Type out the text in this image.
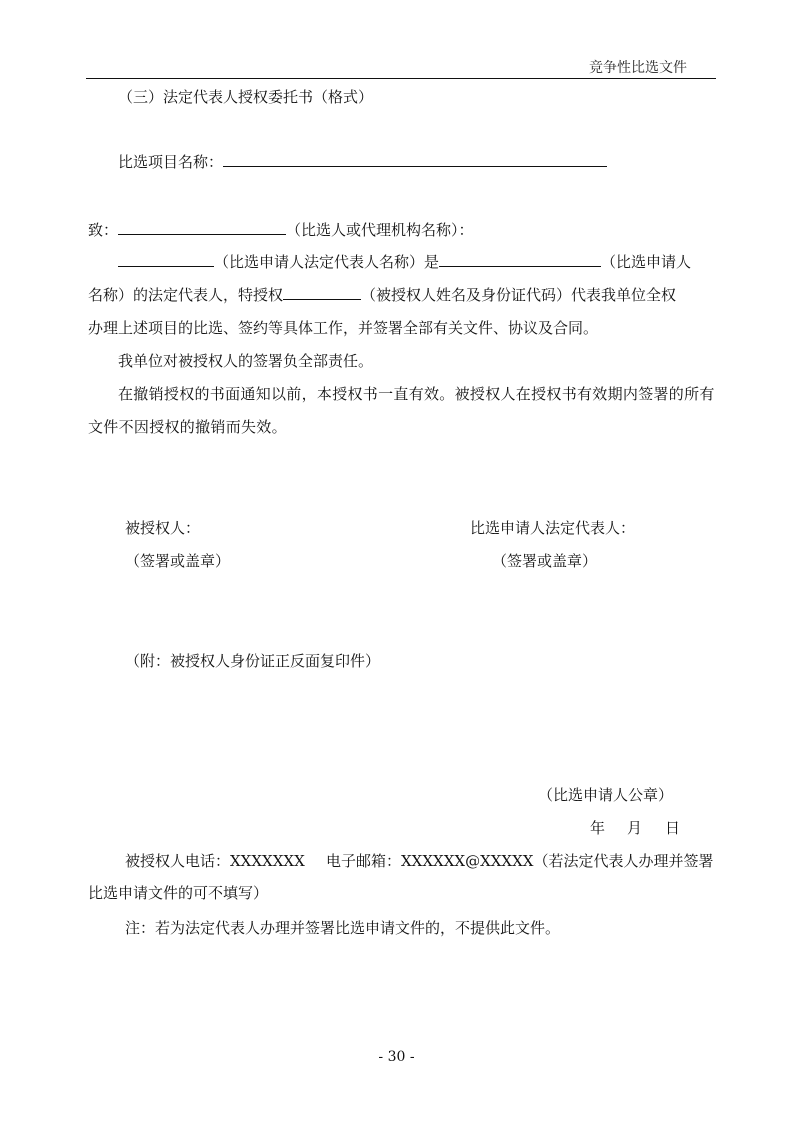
竞争性比选文件
（三）法定代表人授权委托书（格式）
比选项目名称：
致：	（比选人或代理机构名称）：
（比选申请人法定代表人名称）是	（比选申请人
名称）的法定代表人，特授权	（被授权人姓名及身份证代码）代表我单位全权
办理上述项目的比选、签约等具体工作，并签署全部有关文件、协议及合同。
我单位对被授权人的签署负全部责任。
在撤销授权的书面通知以前，本授权书一直有效。被授权人在授权书有效期内签署的所有文件不因授权的撤销而失效。
被授权人：
（签署或盖章）
比选申请人法定代表人：
（签署或盖章）
（附：被授权人身份证正反面复印件）
（比选申请人公章）
年 月 日
被授权人电话：XXXXXXX 电子邮箱：XXXXXX@XXXXX（若法定代表人办理并签署
比选申请文件的可不填写）
注：若为法定代表人办理并签署比选申请文件的，不提供此文件。
- 30 -
